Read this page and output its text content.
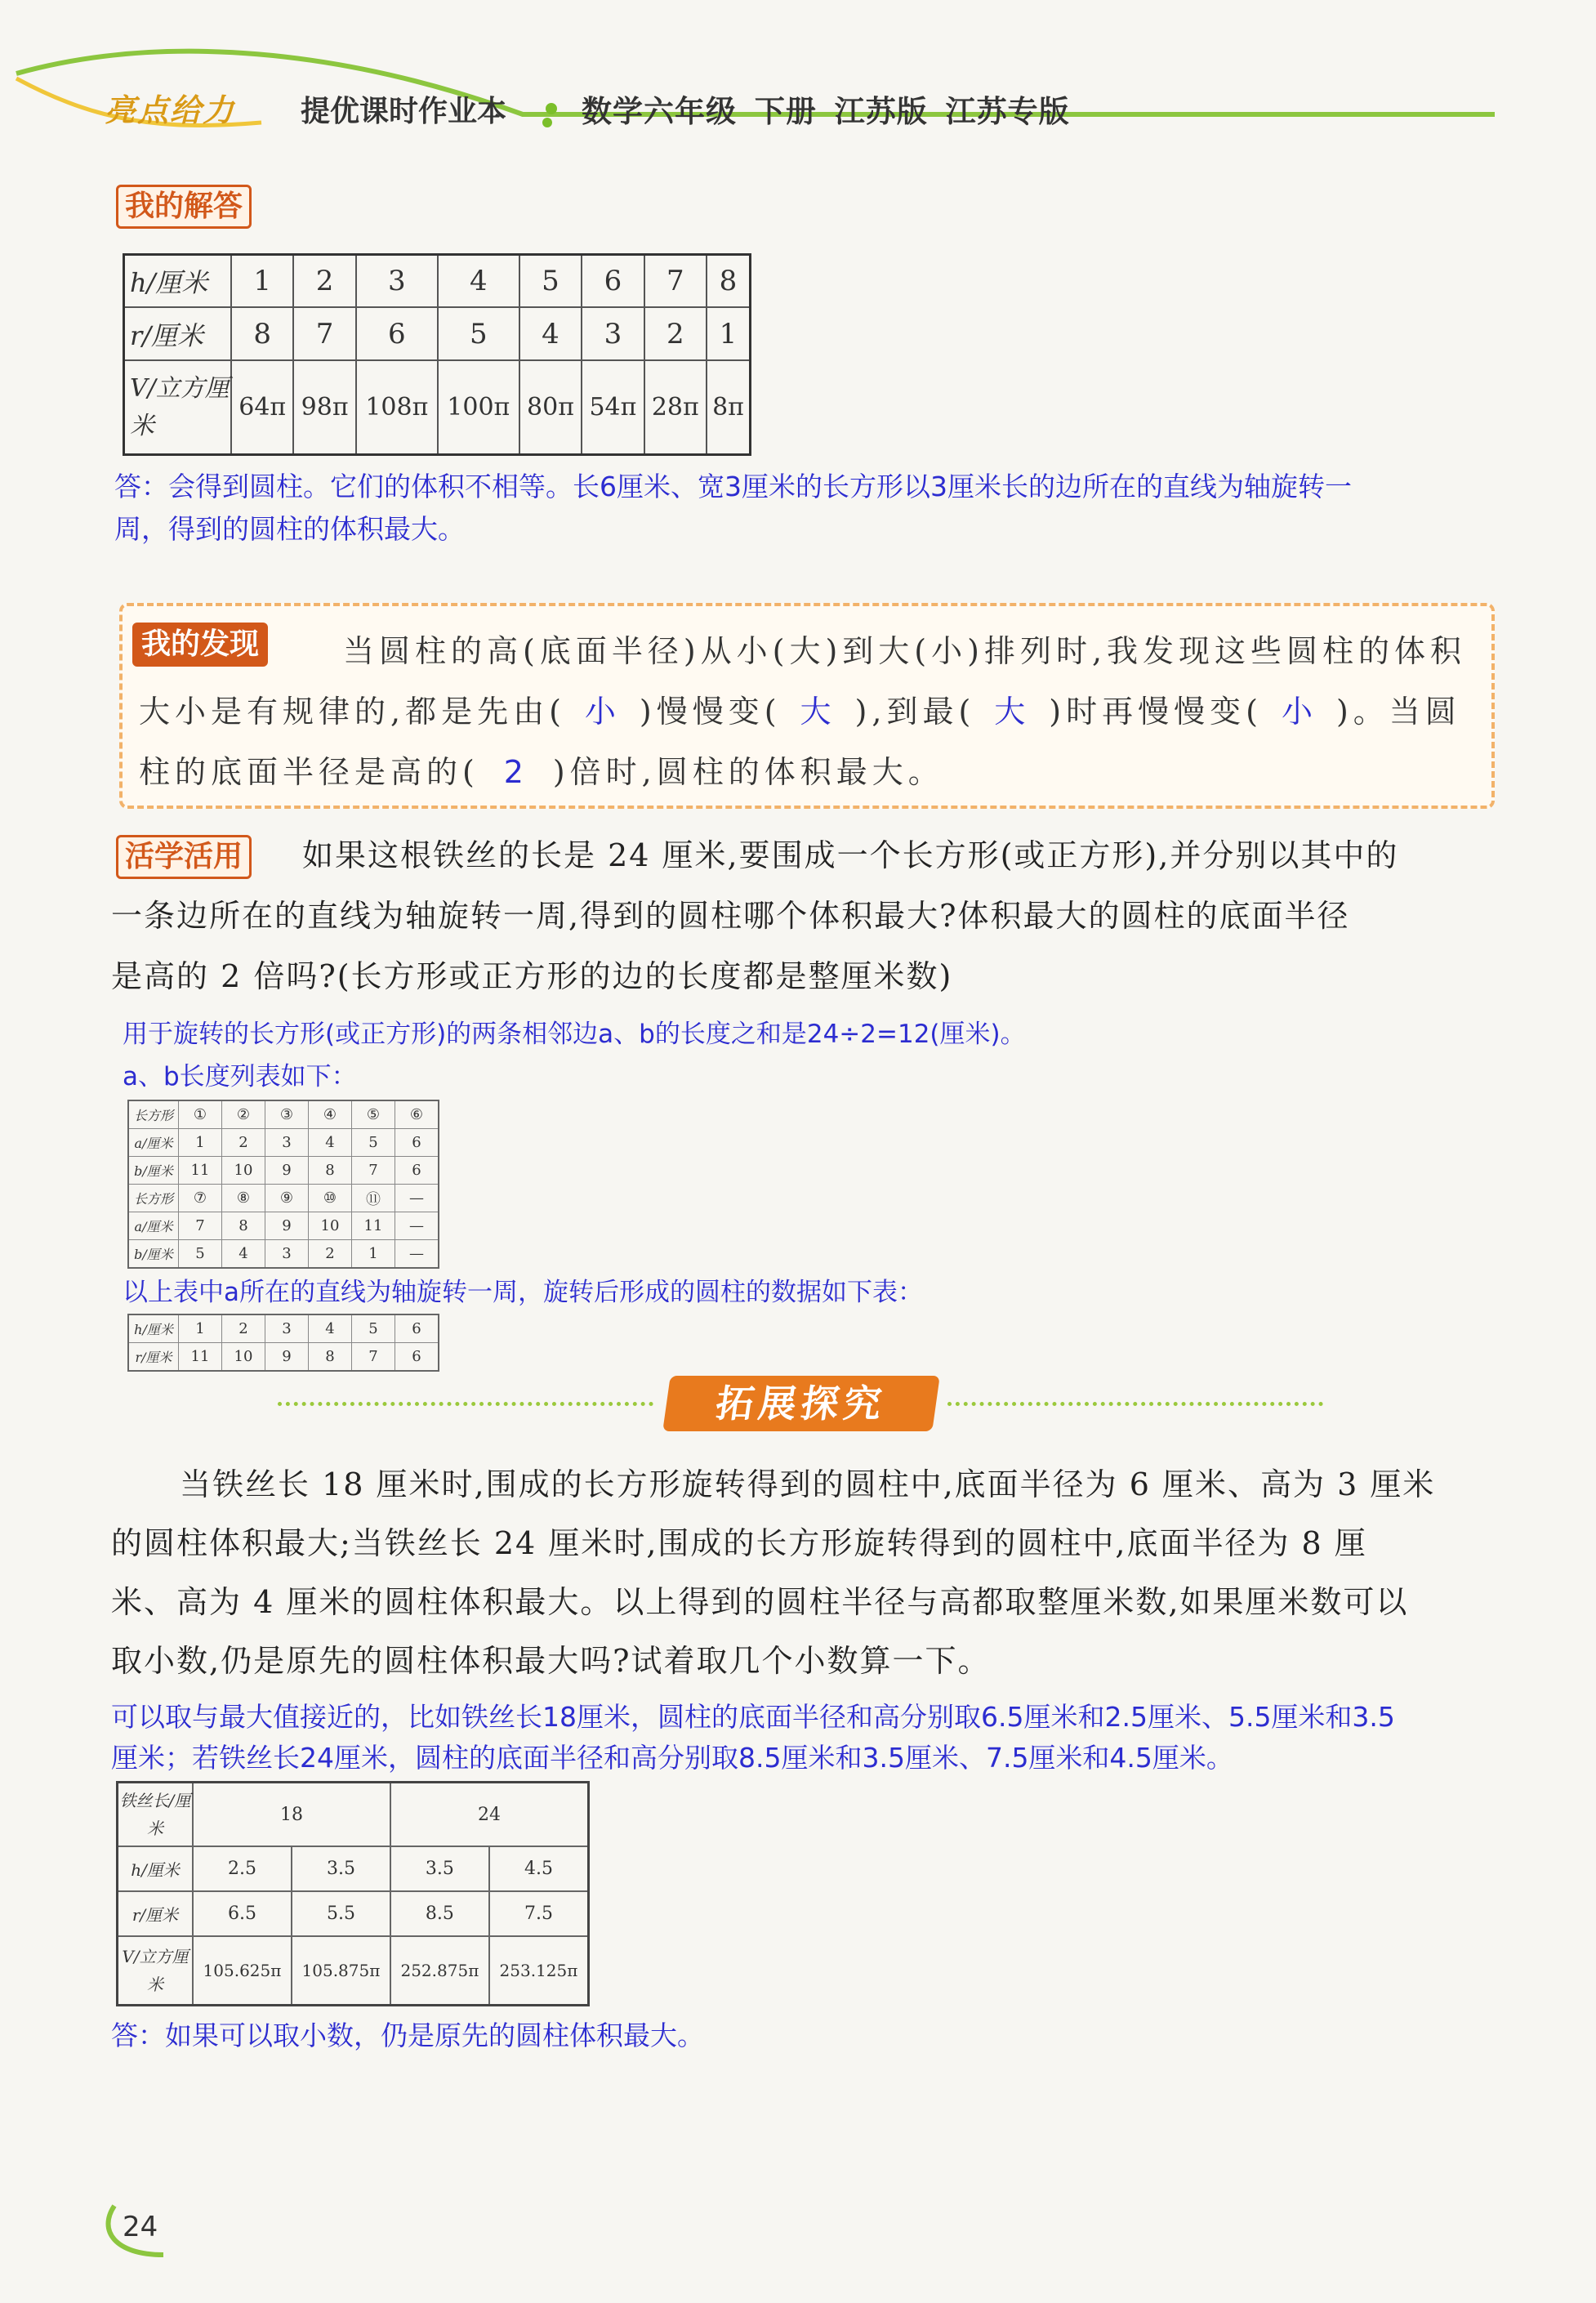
亮点给力 提优课时作业本 数学六年级 下册 江苏版 江苏专版
我的解答
h/厘米	1	2	3	4	5	6	7	8
r/厘米	8	7	6	5	4	3	2	1
V/立方厘米	64π	98π	108π	100π	80π	54π	28π	8π
答：会得到圆柱。它们的体积不相等。长6厘米、宽3厘米的长方形以3厘米长的边所在的直线为轴旋转一
周，得到的圆柱的体积最大。
我的发现	当圆柱的高(底面半径)从小(大)到大(小)排列时,我发现这些圆柱的体积
大小是有规律的,都是先由( 小 )慢慢变( 大 ),到最( 大 )时再慢慢变( 小 )。当圆
柱的底面半径是高的( 2 )倍时,圆柱的体积最大。
活学活用 如果这根铁丝的长是 24 厘米,要围成一个长方形(或正方形),并分别以其中的
一条边所在的直线为轴旋转一周,得到的圆柱哪个体积最大?体积最大的圆柱的底面半径
是高的 2 倍吗?(长方形或正方形的边的长度都是整厘米数)
用于旋转的长方形(或正方形)的两条相邻边a、b的长度之和是24÷2=12(厘米)。
a、b长度列表如下：
长方形	①	②	③	④	⑤	⑥
a/厘米	1	2	3	4	5	6
b/厘米	11	10	9	8	7	6
长方形	⑦	⑧	⑨	⑩	⑪	—
a/厘米	7	8	9	10	11	—
b/厘米	5	4	3	2	1	—
以上表中a所在的直线为轴旋转一周，旋转后形成的圆柱的数据如下表：
h/厘米	1	2	3	4	5	6
r/厘米	11	10	9	8	7	6
拓展探究
当铁丝长 18 厘米时,围成的长方形旋转得到的圆柱中,底面半径为 6 厘米、高为 3 厘米
的圆柱体积最大;当铁丝长 24 厘米时,围成的长方形旋转得到的圆柱中,底面半径为 8 厘
米、高为 4 厘米的圆柱体积最大。以上得到的圆柱半径与高都取整厘米数,如果厘米数可以
取小数,仍是原先的圆柱体积最大吗?试着取几个小数算一下。
可以取与最大值接近的，比如铁丝长18厘米，圆柱的底面半径和高分别取6.5厘米和2.5厘米、5.5厘米和3.5
厘米；若铁丝长24厘米，圆柱的底面半径和高分别取8.5厘米和3.5厘米、7.5厘米和4.5厘米。
铁丝长/厘米	18		24	
h/厘米	2.5	3.5	3.5	4.5
r/厘米	6.5	5.5	8.5	7.5
V/立方厘米	105.625π	105.875π	252.875π	253.125π
答：如果可以取小数，仍是原先的圆柱体积最大。
24
